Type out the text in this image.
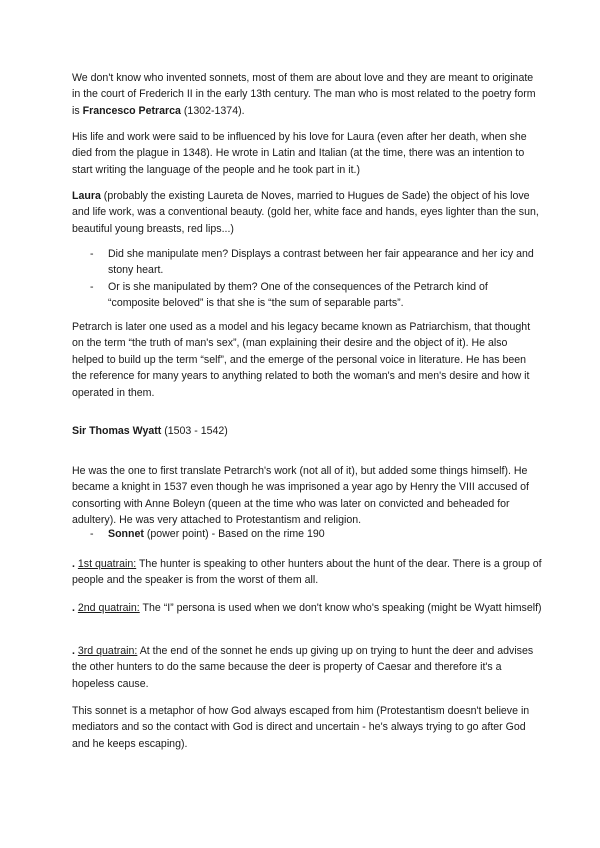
We don't know who invented sonnets, most of them are about love and they are meant to originate in the court of Frederich II in the early 13th century. The man who is most related to the poetry form is Francesco Petrarca (1302-1374).

His life and work were said to be influenced by his love for Laura (even after her death, when she died from the plague in 1348). He wrote in Latin and Italian (at the time, there was an intention to start writing the language of the people and he took part in it.)

Laura (probably the existing Laureta de Noves, married to Hugues de Sade) the object of his love and life work, was a conventional beauty. (gold her, white face and hands, eyes lighter than the sun, beautiful young breasts, red lips...)

- Did she manipulate men? Displays a contrast between her fair appearance and her icy and stony heart.
- Or is she manipulated by them? One of the consequences of the Petrarch kind of “composite beloved” is that she is “the sum of separable parts”.

Petrarch is later one used as a model and his legacy became known as Patriarchism, that thought on the term “the truth of man's sex”, (man explaining their desire and the object of it). He also helped to build up the term “self”, and the emerge of the personal voice in literature. He has been the reference for many years to anything related to both the woman's and men's desire and how it operated in them.

Sir Thomas Wyatt (1503 - 1542)

He was the one to first translate Petrarch's work (not all of it), but added some things himself). He became a knight in 1537 even though he was imprisoned a year ago by Henry the VIII accused of consorting with Anne Boleyn (queen at the time who was later on convicted and beheaded for adultery). He was very attached to Protestantism and religion.

-	Sonnet (power point) - Based on the rime 190

. 1st quatrain: The hunter is speaking to other hunters about the hunt of the dear. There is a group of people and the speaker is from the worst of them all.

. 2nd quatrain: The “I” persona is used when we don't know who's speaking (might be Wyatt himself)

. 3rd quatrain: At the end of the sonnet he ends up giving up on trying to hunt the deer and advises the other hunters to do the same because the deer is property of Caesar and therefore it's a hopeless cause.

This sonnet is a metaphor of how God always escaped from him (Protestantism doesn't believe in mediators and so the contact with God is direct and uncertain - he's always trying to go after God and he keeps escaping).
